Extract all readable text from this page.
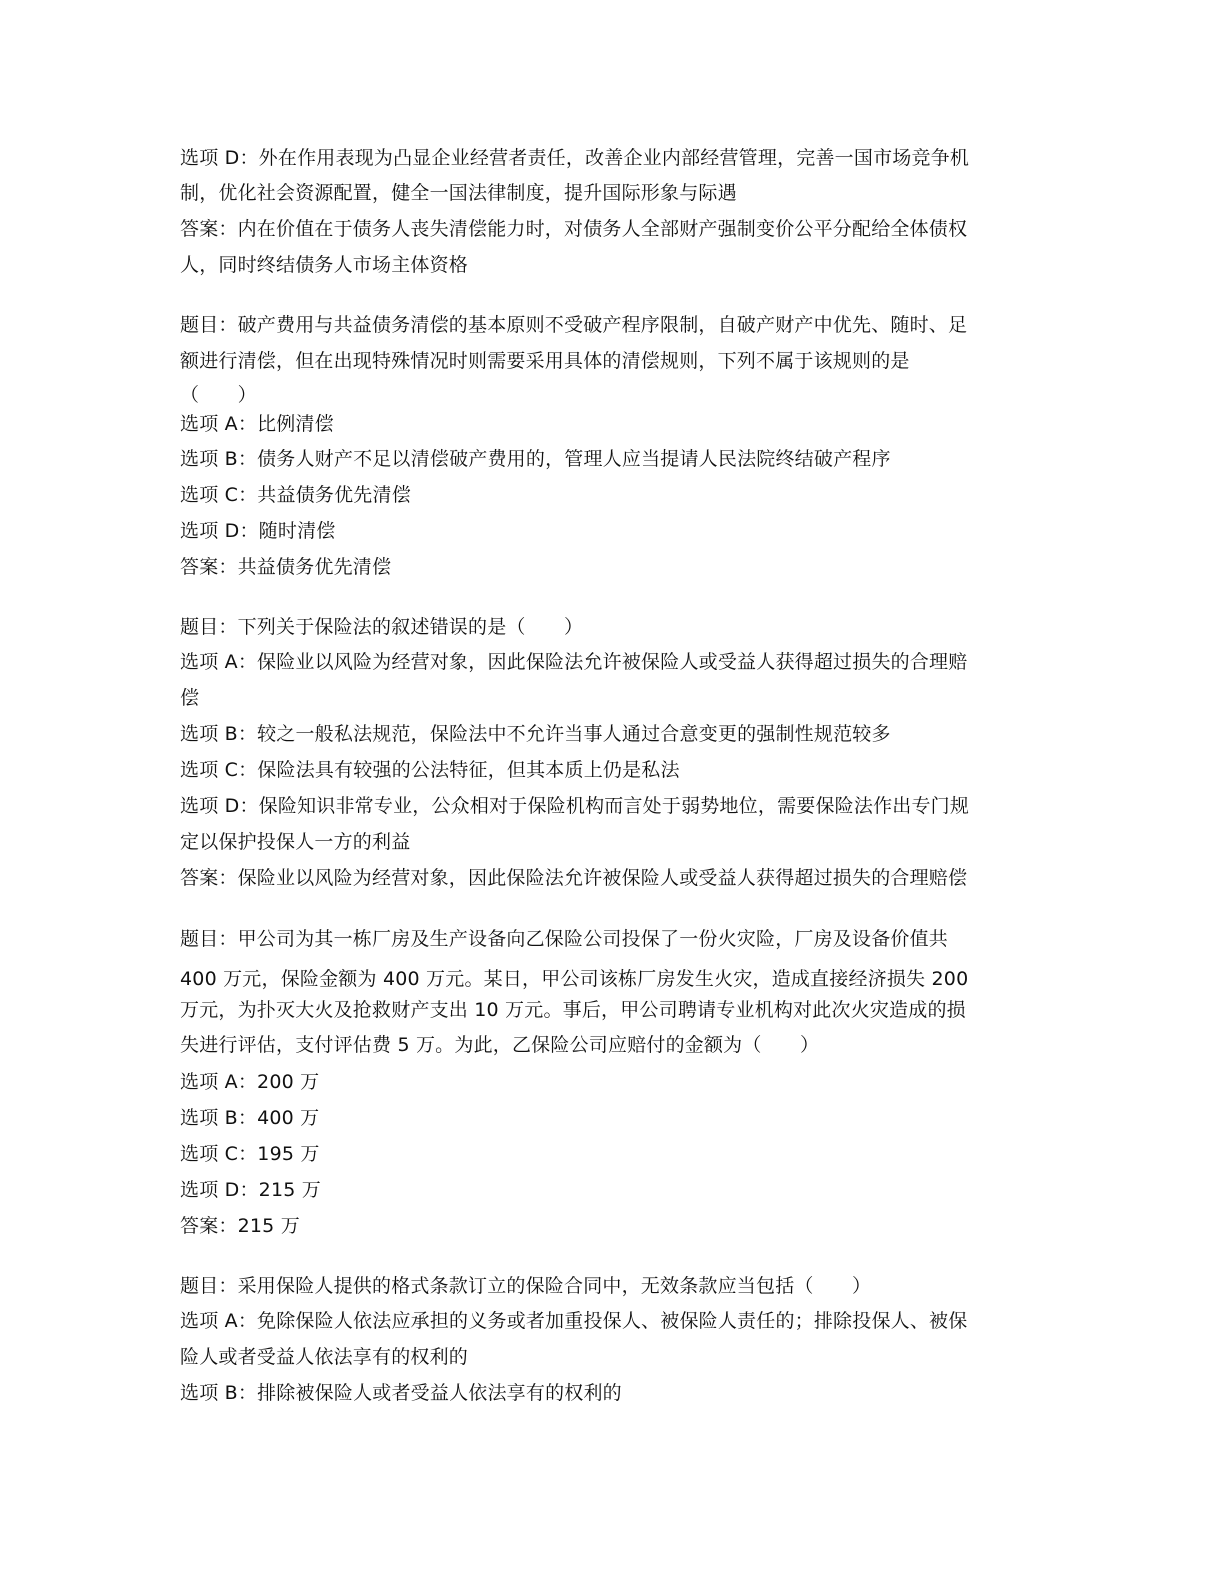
选项 D：外在作用表现为凸显企业经营者责任，改善企业内部经营管理，完善一国市场竞争机
制，优化社会资源配置，健全一国法律制度，提升国际形象与际遇
答案：内在价值在于债务人丧失清偿能力时，对债务人全部财产强制变价公平分配给全体债权
人，同时终结债务人市场主体资格
题目：破产费用与共益债务清偿的基本原则不受破产程序限制，自破产财产中优先、随时、足
额进行清偿，但在出现特殊情况时则需要采用具体的清偿规则，下列不属于该规则的是
（　　）
选项 A：比例清偿
选项 B：债务人财产不足以清偿破产费用的，管理人应当提请人民法院终结破产程序
选项 C：共益债务优先清偿
选项 D：随时清偿
答案：共益债务优先清偿
题目：下列关于保险法的叙述错误的是（　　）
选项 A：保险业以风险为经营对象，因此保险法允许被保险人或受益人获得超过损失的合理赔
偿
选项 B：较之一般私法规范，保险法中不允许当事人通过合意变更的强制性规范较多
选项 C：保险法具有较强的公法特征，但其本质上仍是私法
选项 D：保险知识非常专业，公众相对于保险机构而言处于弱势地位，需要保险法作出专门规
定以保护投保人一方的利益
答案：保险业以风险为经营对象，因此保险法允许被保险人或受益人获得超过损失的合理赔偿
题目：甲公司为其一栋厂房及生产设备向乙保险公司投保了一份火灾险，厂房及设备价值共
400 万元，保险金额为 400 万元。某日，甲公司该栋厂房发生火灾，造成直接经济损失 200
万元，为扑灭大火及抢救财产支出 10 万元。事后，甲公司聘请专业机构对此次火灾造成的损
失进行评估，支付评估费 5 万。为此，乙保险公司应赔付的金额为（　　）
选项 A：200 万
选项 B：400 万
选项 C：195 万
选项 D：215 万
答案：215 万
题目：采用保险人提供的格式条款订立的保险合同中，无效条款应当包括（　　）
选项 A：免除保险人依法应承担的义务或者加重投保人、被保险人责任的；排除投保人、被保
险人或者受益人依法享有的权利的
选项 B：排除被保险人或者受益人依法享有的权利的
